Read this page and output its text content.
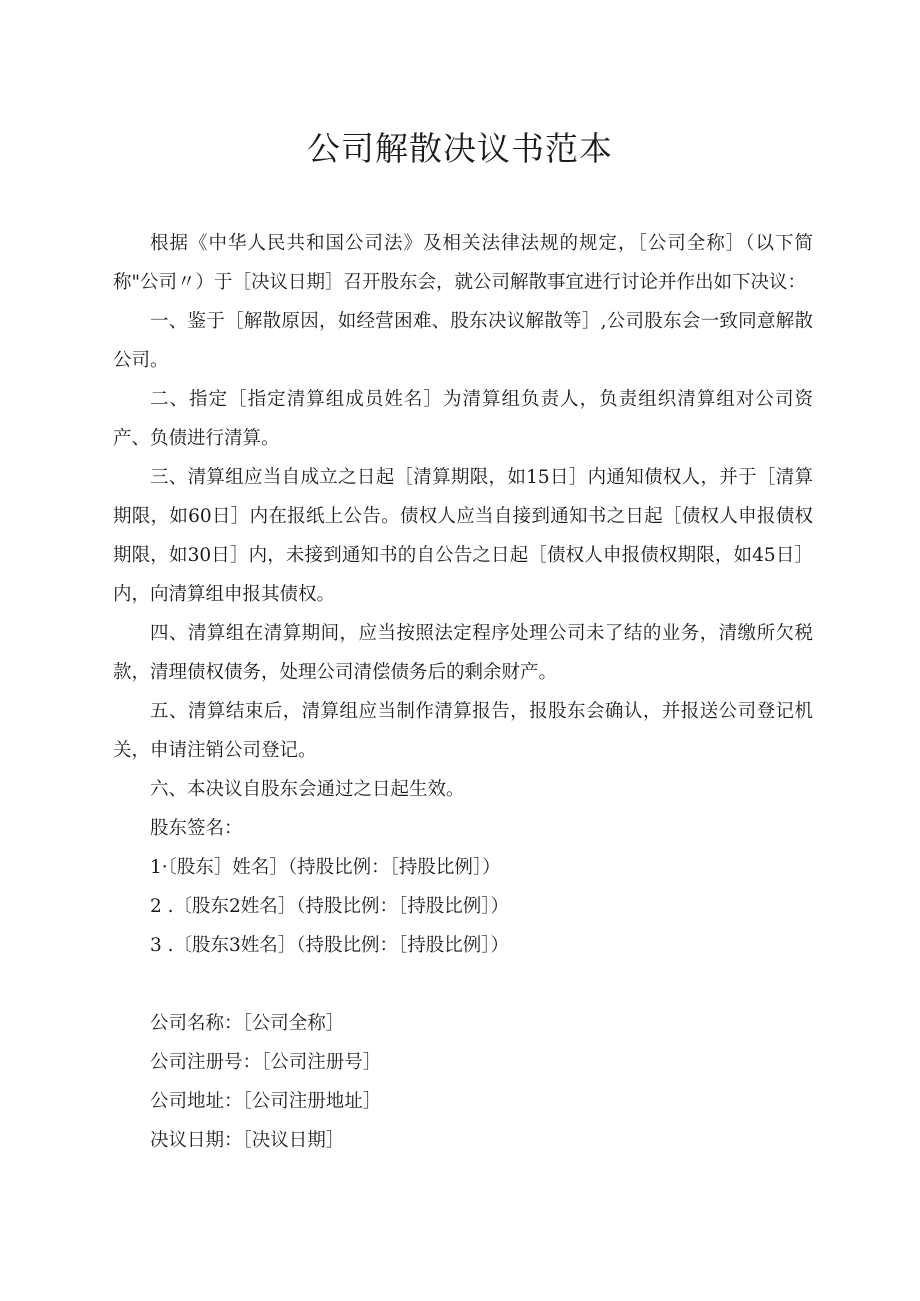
公司解散决议书范本

根据《中华人民共和国公司法》及相关法律法规的规定，［公司全称］（以下简称"公司〃）于［决议日期］召开股东会，就公司解散事宜进行讨论并作出如下决议：

一、鉴于［解散原因，如经营困难、股东决议解散等］,公司股东会一致同意解散公司。

二、指定［指定清算组成员姓名］为清算组负责人，负责组织清算组对公司资产、负债进行清算。

三、清算组应当自成立之日起［清算期限，如15日］内通知债权人，并于［清算期限，如60日］内在报纸上公告。债权人应当自接到通知书之日起［债权人申报债权期限，如30日］内，未接到通知书的自公告之日起［债权人申报债权期限，如45日］内，向清算组申报其债权。

四、清算组在清算期间，应当按照法定程序处理公司未了结的业务，清缴所欠税款，清理债权债务，处理公司清偿债务后的剩余财产。

五、清算结束后，清算组应当制作清算报告，报股东会确认，并报送公司登记机关，申请注销公司登记。

六、本决议自股东会通过之日起生效。

股东签名：

1·〔股东］姓名］（持股比例：［持股比例］）

2 .〔股东2姓名］（持股比例：［持股比例］）

3 .〔股东3姓名］（持股比例：［持股比例］）

公司名称：［公司全称］

公司注册号：［公司注册号］

公司地址：［公司注册地址］

决议日期：［决议日期］
